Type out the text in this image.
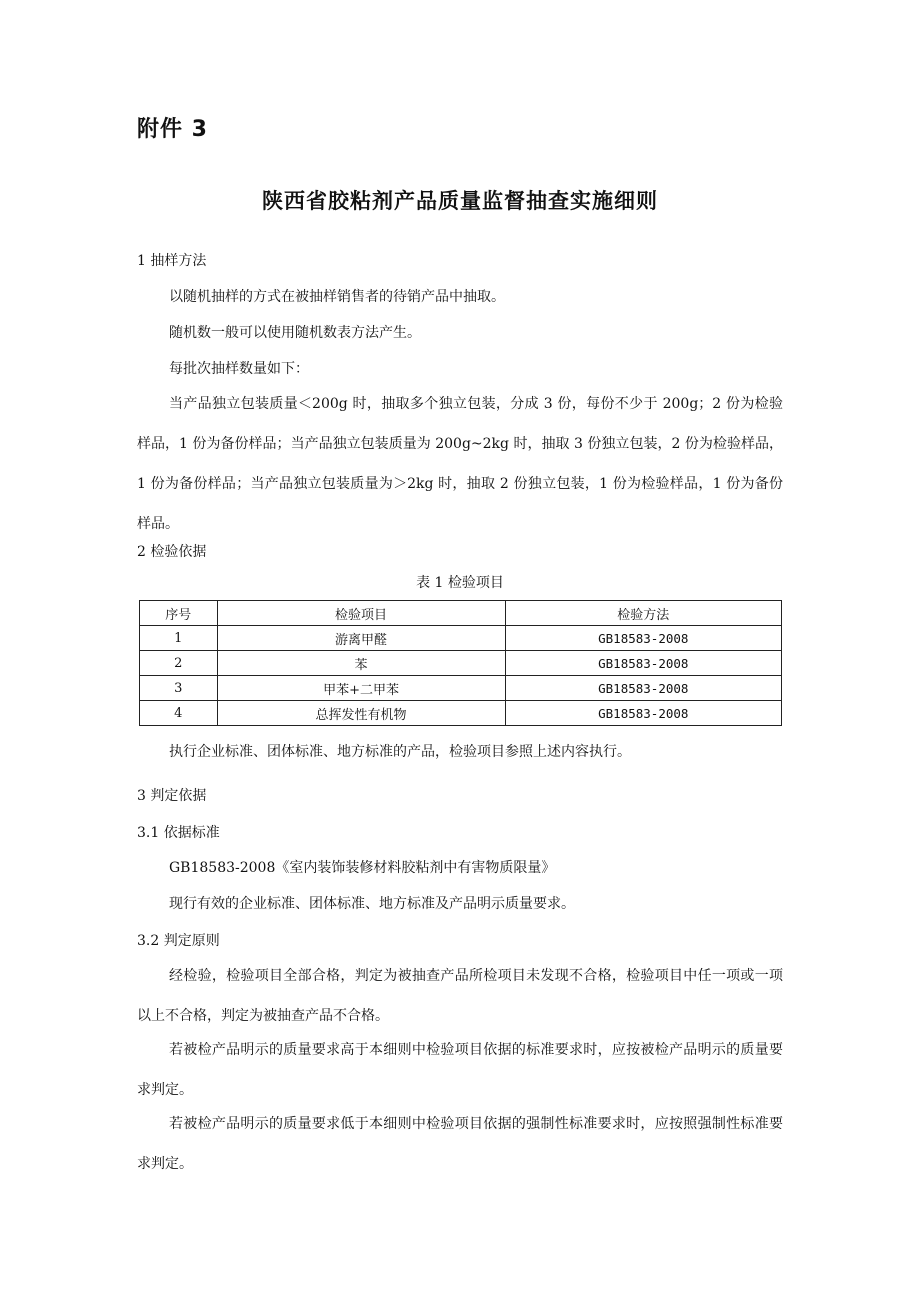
附件 3
陕西省胶粘剂产品质量监督抽查实施细则
1 抽样方法
以随机抽样的方式在被抽样销售者的待销产品中抽取。
随机数一般可以使用随机数表方法产生。
每批次抽样数量如下：
当产品独立包装质量＜200g 时，抽取多个独立包装，分成 3 份，每份不少于 200g；2 份为检验样品，1 份为备份样品；当产品独立包装质量为 200g~2kg 时，抽取 3 份独立包装，2 份为检验样品，1 份为备份样品；当产品独立包装质量为＞2kg 时，抽取 2 份独立包装，1 份为检验样品，1 份为备份样品。
2 检验依据
表 1 检验项目
序号	检验项目	检验方法
1	游离甲醛	GB18583-2008
2	苯	GB18583-2008
3	甲苯+二甲苯	GB18583-2008
4	总挥发性有机物	GB18583-2008
执行企业标准、团体标准、地方标准的产品，检验项目参照上述内容执行。
3 判定依据
3.1 依据标准
GB18583-2008《室内装饰装修材料胶粘剂中有害物质限量》
现行有效的企业标准、团体标准、地方标准及产品明示质量要求。
3.2 判定原则
经检验，检验项目全部合格，判定为被抽查产品所检项目未发现不合格，检验项目中任一项或一项以上不合格，判定为被抽查产品不合格。
若被检产品明示的质量要求高于本细则中检验项目依据的标准要求时，应按被检产品明示的质量要求判定。
若被检产品明示的质量要求低于本细则中检验项目依据的强制性标准要求时，应按照强制性标准要求判定。
